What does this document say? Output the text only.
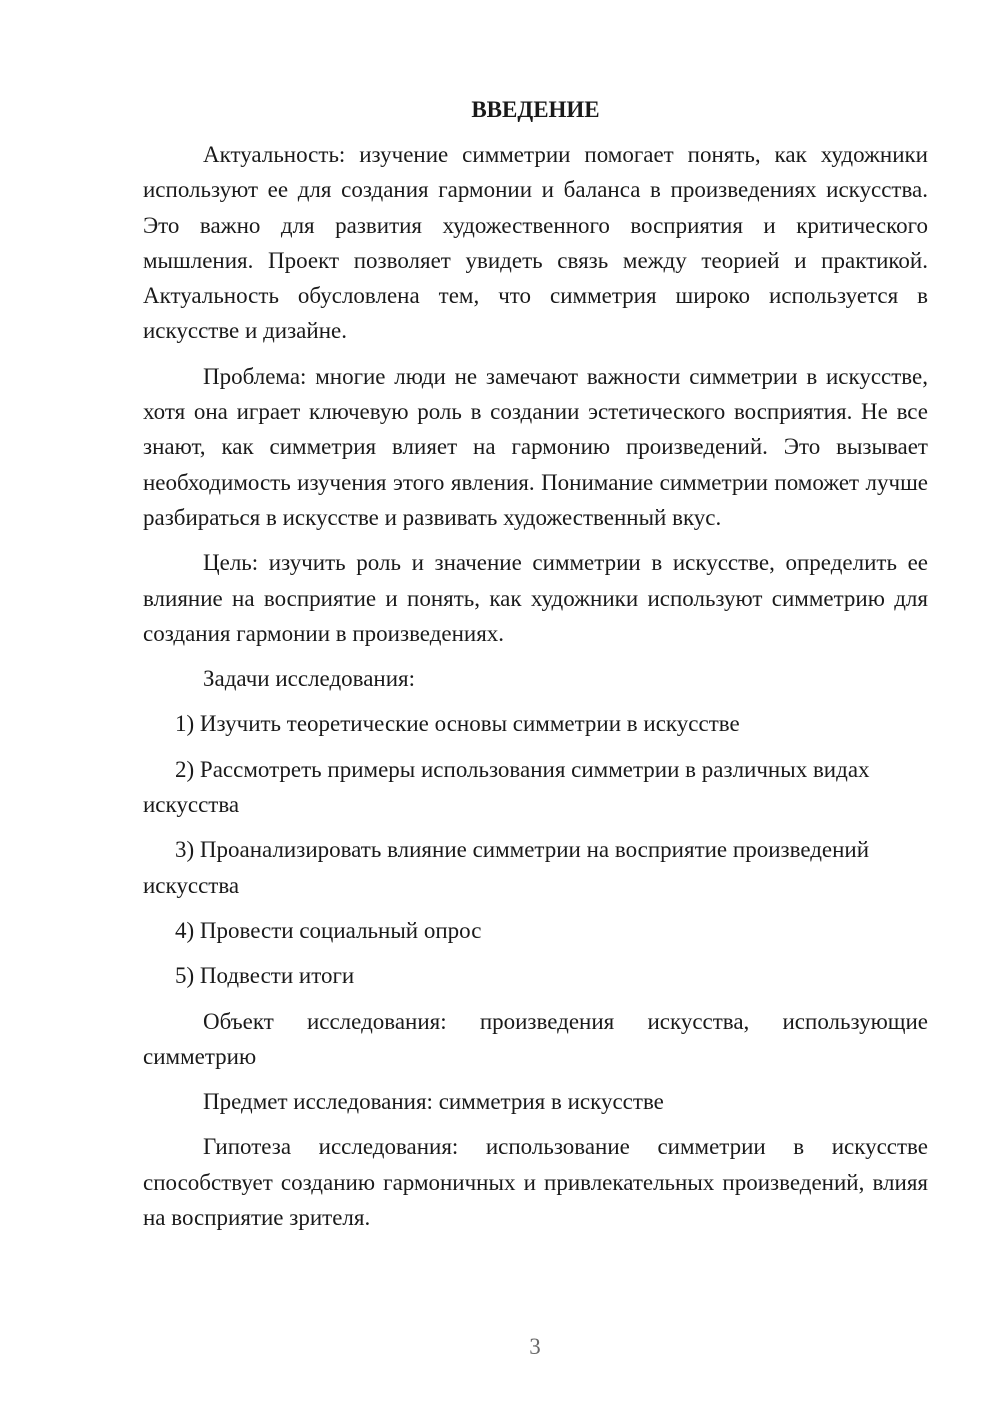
ВВЕДЕНИЕ

Актуальность: изучение симметрии помогает понять, как художники используют ее для создания гармонии и баланса в произведениях искусства. Это важно для развития художественного восприятия и критического мышления. Проект позволяет увидеть связь между теорией и практикой. Актуальность обусловлена тем, что симметрия широко используется в искусстве и дизайне.

Проблема: многие люди не замечают важности симметрии в искусстве, хотя она играет ключевую роль в создании эстетического восприятия. Не все знают, как симметрия влияет на гармонию произведений. Это вызывает необходимость изучения этого явления. Понимание симметрии поможет лучше разбираться в искусстве и развивать художественный вкус.

Цель: изучить роль и значение симметрии в искусстве, определить ее влияние на восприятие и понять, как художники используют симметрию для создания гармонии в произведениях.

Задачи исследования:

1) Изучить теоретические основы симметрии в искусстве

2) Рассмотреть примеры использования симметрии в различных видах искусства

3) Проанализировать влияние симметрии на восприятие произведений искусства

4) Провести социальный опрос

5) Подвести итоги

Объект исследования: произведения искусства, использующие симметрию

Предмет исследования: симметрия в искусстве

Гипотеза исследования: использование симметрии в искусстве способствует созданию гармоничных и привлекательных произведений, влияя на восприятие зрителя.

3
